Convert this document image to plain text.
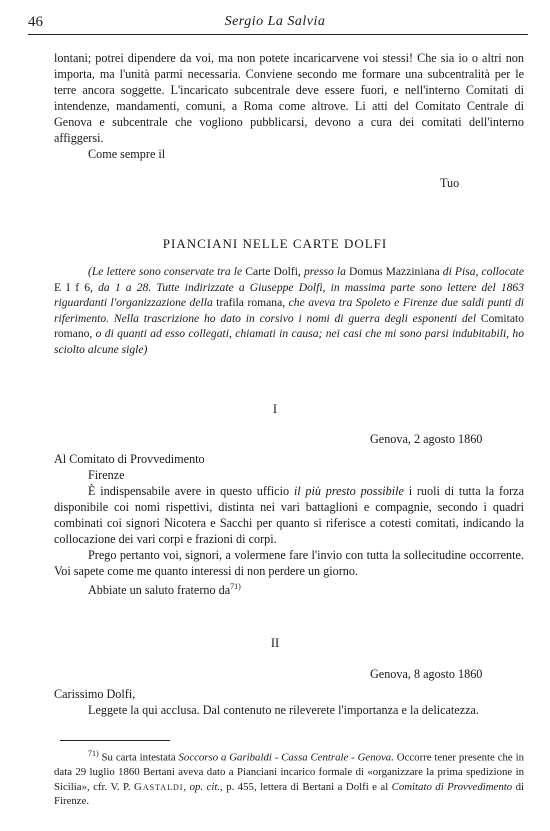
46	Sergio La Salvia

lontani; potrei dipendere da voi, ma non potete incaricarvene voi stessi! Che sia io o altri non importa, ma l'unità parmi necessaria. Conviene secondo me formare una subcentralità per le terre ancora soggette. L'incaricato subcentrale deve essere fuori, e nell'interno Comitati di intendenze, mandamenti, comuni, a Roma come altrove. Li atti del Comitato Centrale di Genova e subcentrale che vogliono pubblicarsi, devono a cura dei comitati dell'interno affiggersi.

Come sempre il

Tuo
PIANCIANI NELLE CARTE DOLFI

(Le lettere sono conservate tra le Carte Dolfi, presso la Domus Mazziniana di Pisa, collocate E I f 6, da 1 a 28. Tutte indirizzate a Giuseppe Dolfi, in massima parte sono lettere del 1863 riguardanti l'organizzazione della trafila romana, che aveva tra Spoleto e Firenze due saldi punti di riferimento. Nella trascrizione ho dato in corsivo i nomi di guerra degli esponenti del Comitato romano, o di quanti ad esso collegati, chiamati in causa; nei casi che mi sono parsi indubitabili, ho sciolto alcune sigle)

I
Genova, 2 agosto 1860

Al Comitato di Provvedimento

Firenze

È indispensabile avere in questo ufficio il più presto possibile i ruoli di tutta la forza disponibile coi nomi rispettivi, distinta nei vari battaglioni e compagnie, secondo i quadri combinati coi signori Nicotera e Sacchi per quanto si riferisce a cotesti comitati, indicando la collocazione dei vari corpi e frazioni di corpi.

Prego pertanto voi, signori, a volermene fare l'invio con tutta la sollecitudine occorrente. Voi sapete come me quanto interessi di non perdere un giorno.

Abbiate un saluto fraterno $da^{71)}$

II
Genova, 8 agosto 1860

Carissimo Dolfi,

Leggete la qui acclusa. Dal contenuto ne rileverete l'importanza e la delicatezza.

$^{71)}$ Su carta intestata Soccorso a Garibaldi - Cassa Centrale - Genova. Occorre tener presente che in data 29 luglio 1860 Bertani aveva dato a Pianciani incarico formale di «organizzare la prima spedizione in Sicilia», cfr. V. P. Gastaldi, op. cit., p. 455, lettera di Bertani a Dolfi e al Comitato di Provvedimento di Firenze.
